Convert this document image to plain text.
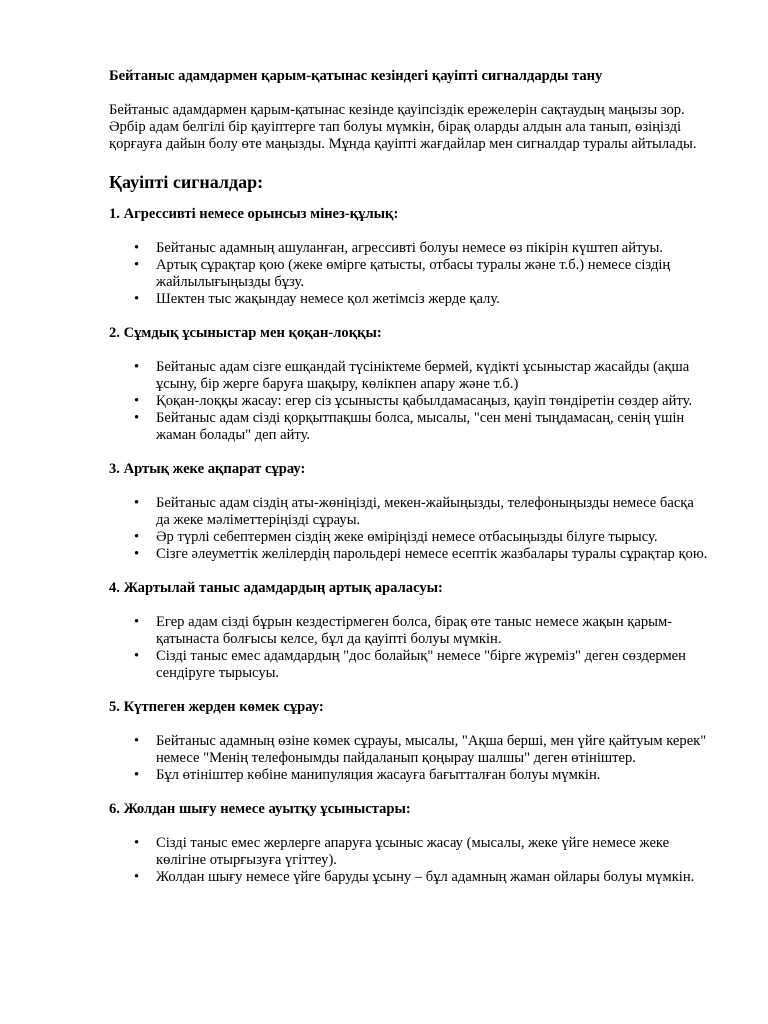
Бейтаныс адамдармен қарым-қатынас кезіндегі қауіпті сигналдарды тану
Бейтаныс адамдармен қарым-қатынас кезінде қауіпсіздік ережелерін сақтаудың маңызы зор. Әрбір адам белгілі бір қауіптерге тап болуы мүмкін, бірақ оларды алдын ала танып, өзіңізді қорғауға дайын болу өте маңызды. Мұнда қауіпті жағдайлар мен сигналдар туралы айтылады.
Қауіпті сигналдар:
1. Агрессивті немесе орынсыз мінез-құлық:
• Бейтаныс адамның ашуланған, агрессивті болуы немесе өз пікірін күштеп айтуы.
• Артық сұрақтар қою (жеке өмірге қатысты, отбасы туралы және т.б.) немесе сіздің жайлылығыңызды бұзу.
• Шектен тыс жақындау немесе қол жетімсіз жерде қалу.
2. Сұмдық ұсыныстар мен қоқан-лоққы:
• Бейтаныс адам сізге ешқандай түсініктеме бермей, күдікті ұсыныстар жасайды (ақша ұсыну, бір жерге баруға шақыру, көлікпен апару және т.б.)
• Қоқан-лоққы жасау: егер сіз ұсынысты қабылдамасаңыз, қауіп төндіретін сөздер айту.
• Бейтаныс адам сізді қорқытпақшы болса, мысалы, "сен мені тыңдамасаң, сенің үшін жаман болады" деп айту.
3. Артық жеке ақпарат сұрау:
• Бейтаныс адам сіздің аты-жөніңізді, мекен-жайыңызды, телефоныңызды немесе басқа да жеке мәліметтеріңізді сұрауы.
• Әр түрлі себептермен сіздің жеке өміріңізді немесе отбасыңызды білуге тырысу.
• Сізге әлеуметтік желілердің парольдері немесе есептік жазбалары туралы сұрақтар қою.
4. Жартылай таныс адамдардың артық араласуы:
• Егер адам сізді бұрын кездестірмеген болса, бірақ өте таныс немесе жақын қарым-қатынаста болғысы келсе, бұл да қауіпті болуы мүмкін.
• Сізді таныс емес адамдардың "дос болайық" немесе "бірге жүреміз" деген сөздермен сендіруге тырысуы.
5. Күтпеген жерден көмек сұрау:
• Бейтаныс адамның өзіне көмек сұрауы, мысалы, "Ақша берші, мен үйге қайтуым керек" немесе "Менің телефонымды пайдаланып қоңырау шалшы" деген өтініштер.
• Бұл өтініштер көбіне манипуляция жасауға бағытталған болуы мүмкін.
6. Жолдан шығу немесе ауытқу ұсыныстары:
• Сізді таныс емес жерлерге апаруға ұсыныс жасау (мысалы, жеке үйге немесе жеке көлігіне отырғызуға үгіттеу).
• Жолдан шығу немесе үйге баруды ұсыну – бұл адамның жаман ойлары болуы мүмкін.
